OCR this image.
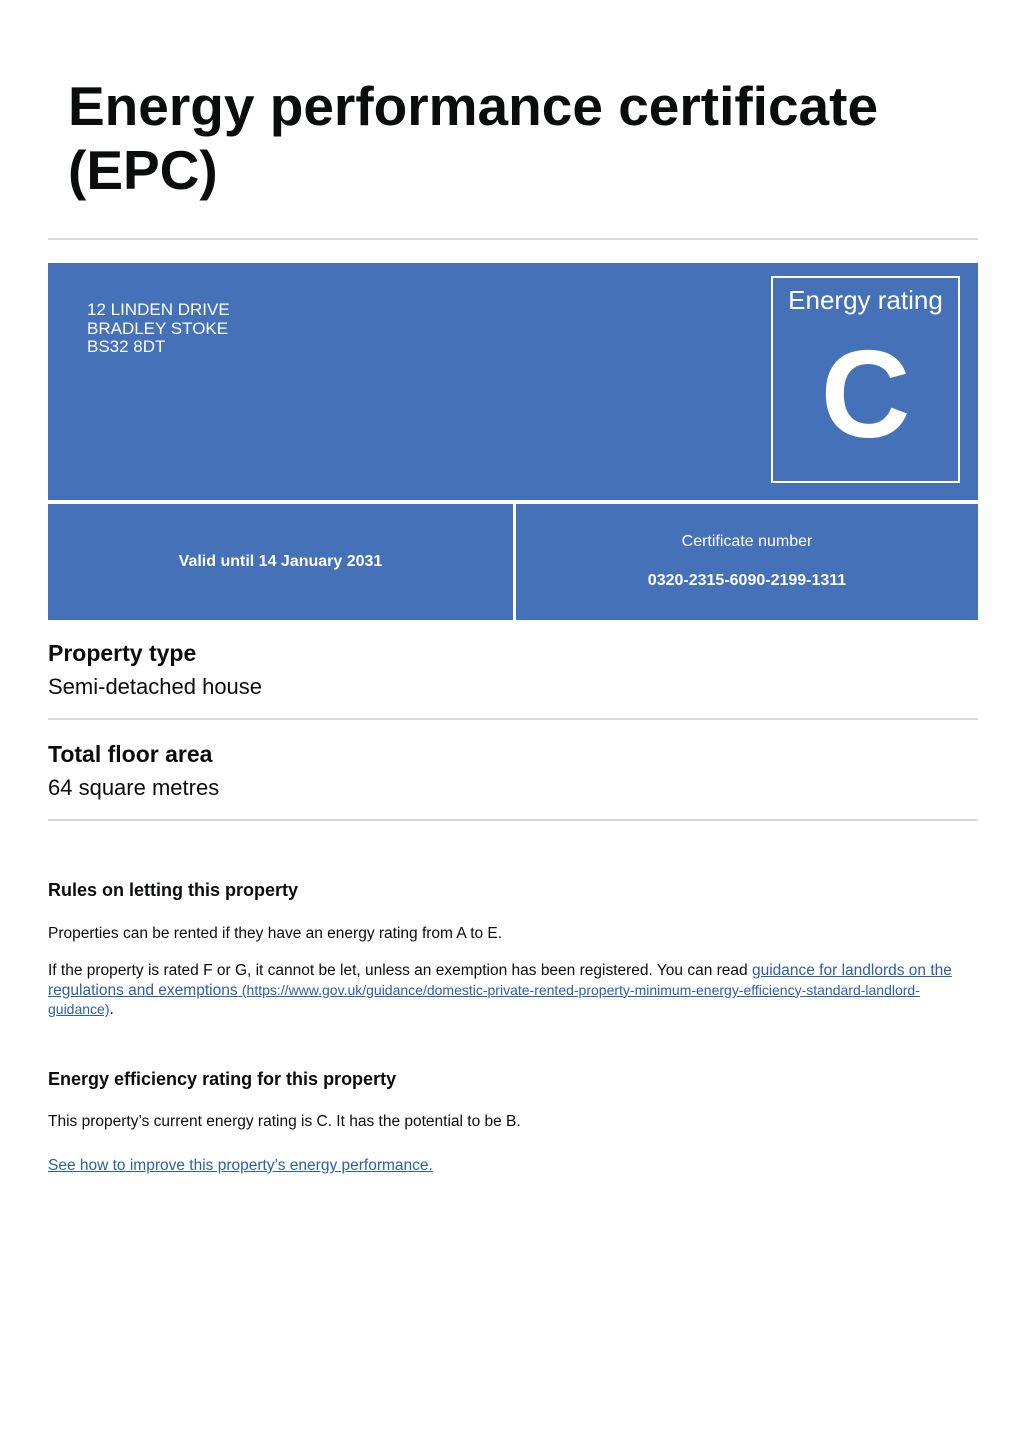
Energy performance certificate (EPC)
12 LINDEN DRIVE
BRADLEY STOKE
BS32 8DT
Energy rating
C
Valid until 14 January 2031
Certificate number
0320-2315-6090-2199-1311
Property type

Semi-detached house

Total floor area

64 square metres

Rules on letting this property

Properties can be rented if they have an energy rating from A to E.

If the property is rated F or G, it cannot be let, unless an exemption has been registered. You can read guidance for landlords on the regulations and exemptions (https://www.gov.uk/guidance/domestic-private-rented-property-minimum-energy-efficiency-standard-landlord-guidance).

Energy efficiency rating for this property

This property’s current energy rating is C. It has the potential to be B.

See how to improve this property’s energy performance.
